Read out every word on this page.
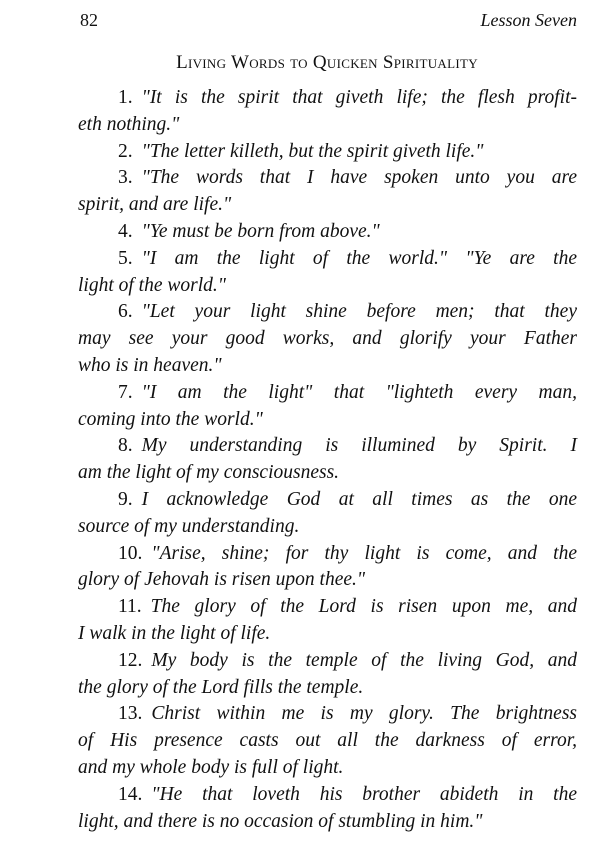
82	Lesson Seven
Living Words to Quicken Spirituality
1. "It is the spirit that giveth life; the flesh profit-
eth nothing."
2. "The letter killeth, but the spirit giveth life."
3. "The words that I have spoken unto you are
spirit, and are life."
4. "Ye must be born from above."
5. "I am the light of the world." "Ye are the
light of the world."
6. "Let your light shine before men; that they
may see your good works, and glorify your Father
who is in heaven."
7. "I am the light" that "lighteth every man,
coming into the world."
8. My understanding is illumined by Spirit. I
am the light of my consciousness.
9. I acknowledge God at all times as the one
source of my understanding.
10. "Arise, shine; for thy light is come, and the
glory of Jehovah is risen upon thee."
11. The glory of the Lord is risen upon me, and
I walk in the light of life.
12. My body is the temple of the living God, and
the glory of the Lord fills the temple.
13. Christ within me is my glory. The brightness
of His presence casts out all the darkness of error,
and my whole body is full of light.
14. "He that loveth his brother abideth in the
light, and there is no occasion of stumbling in him."
